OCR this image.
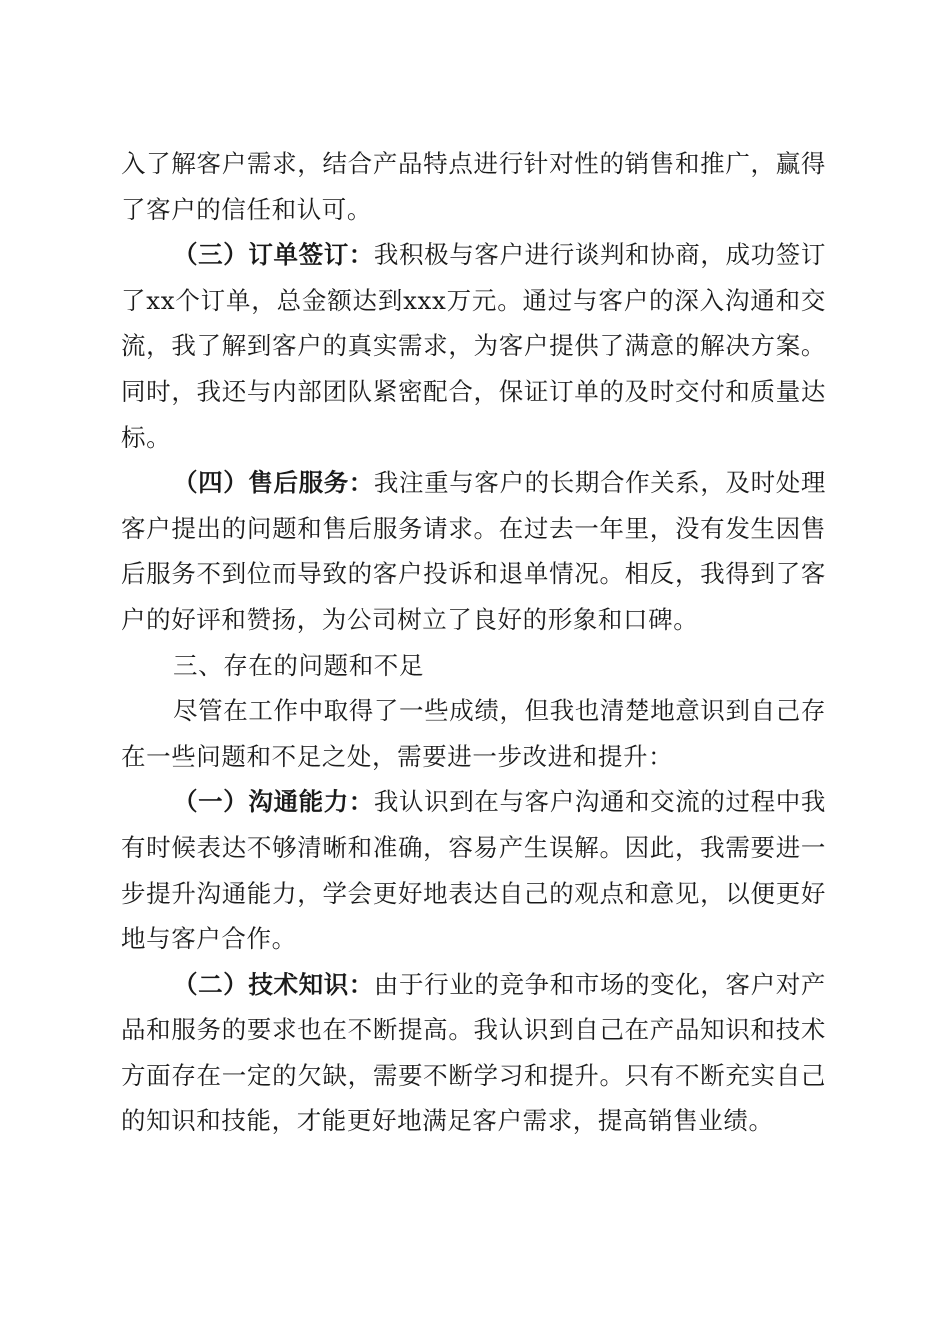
入了解客户需求，结合产品特点进行针对性的销售和推广，赢得了客户的信任和认可。

（三）订单签订：我积极与客户进行谈判和协商，成功签订了xx个订单，总金额达到xxx万元。通过与客户的深入沟通和交流，我了解到客户的真实需求，为客户提供了满意的解决方案。同时，我还与内部团队紧密配合，保证订单的及时交付和质量达标。

（四）售后服务：我注重与客户的长期合作关系，及时处理客户提出的问题和售后服务请求。在过去一年里，没有发生因售后服务不到位而导致的客户投诉和退单情况。相反，我得到了客户的好评和赞扬，为公司树立了良好的形象和口碑。

三、存在的问题和不足

尽管在工作中取得了一些成绩，但我也清楚地意识到自己存在一些问题和不足之处，需要进一步改进和提升：

（一）沟通能力：我认识到在与客户沟通和交流的过程中我有时候表达不够清晰和准确，容易产生误解。因此，我需要进一步提升沟通能力，学会更好地表达自己的观点和意见，以便更好地与客户合作。

（二）技术知识：由于行业的竞争和市场的变化，客户对产品和服务的要求也在不断提高。我认识到自己在产品知识和技术方面存在一定的欠缺，需要不断学习和提升。只有不断充实自己的知识和技能，才能更好地满足客户需求，提高销售业绩。
